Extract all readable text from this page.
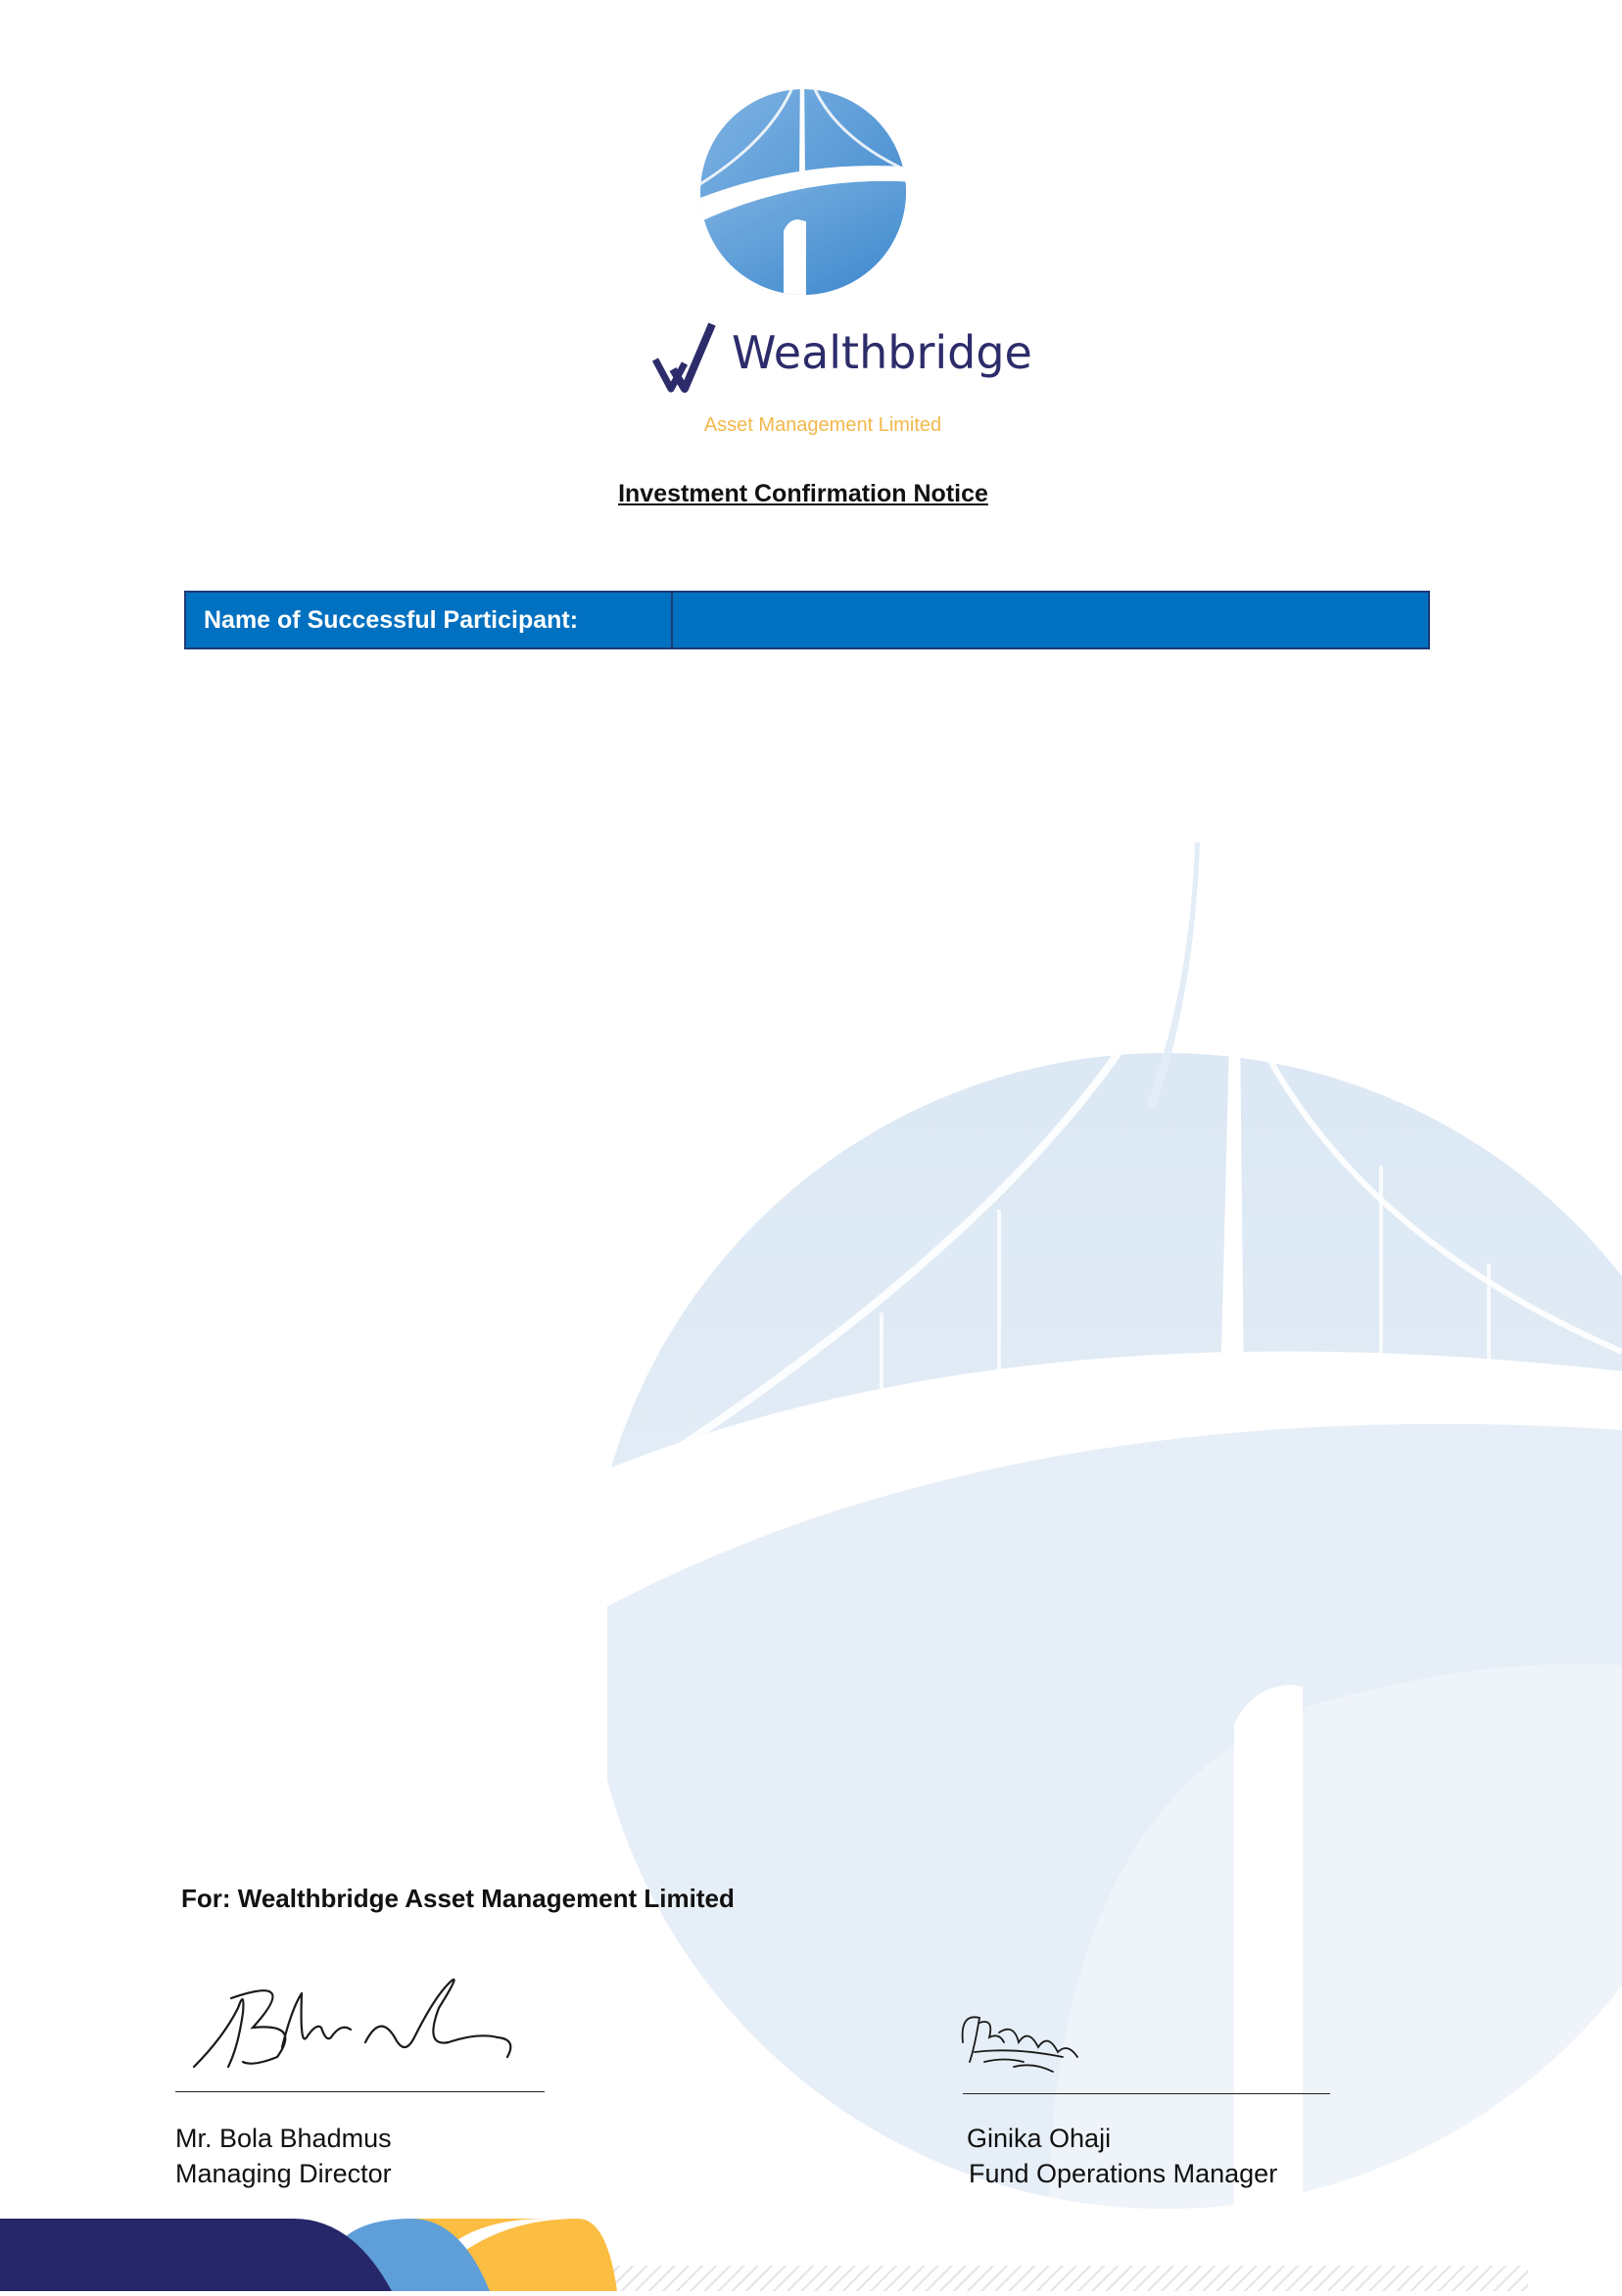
Wealthbridge
Asset Management Limited
Investment Confirmation Notice
Name of Successful Participant:
For: Wealthbridge Asset Management Limited
Mr. Bola Bhadmus
Managing Director
Ginika Ohaji
Fund Operations Manager
